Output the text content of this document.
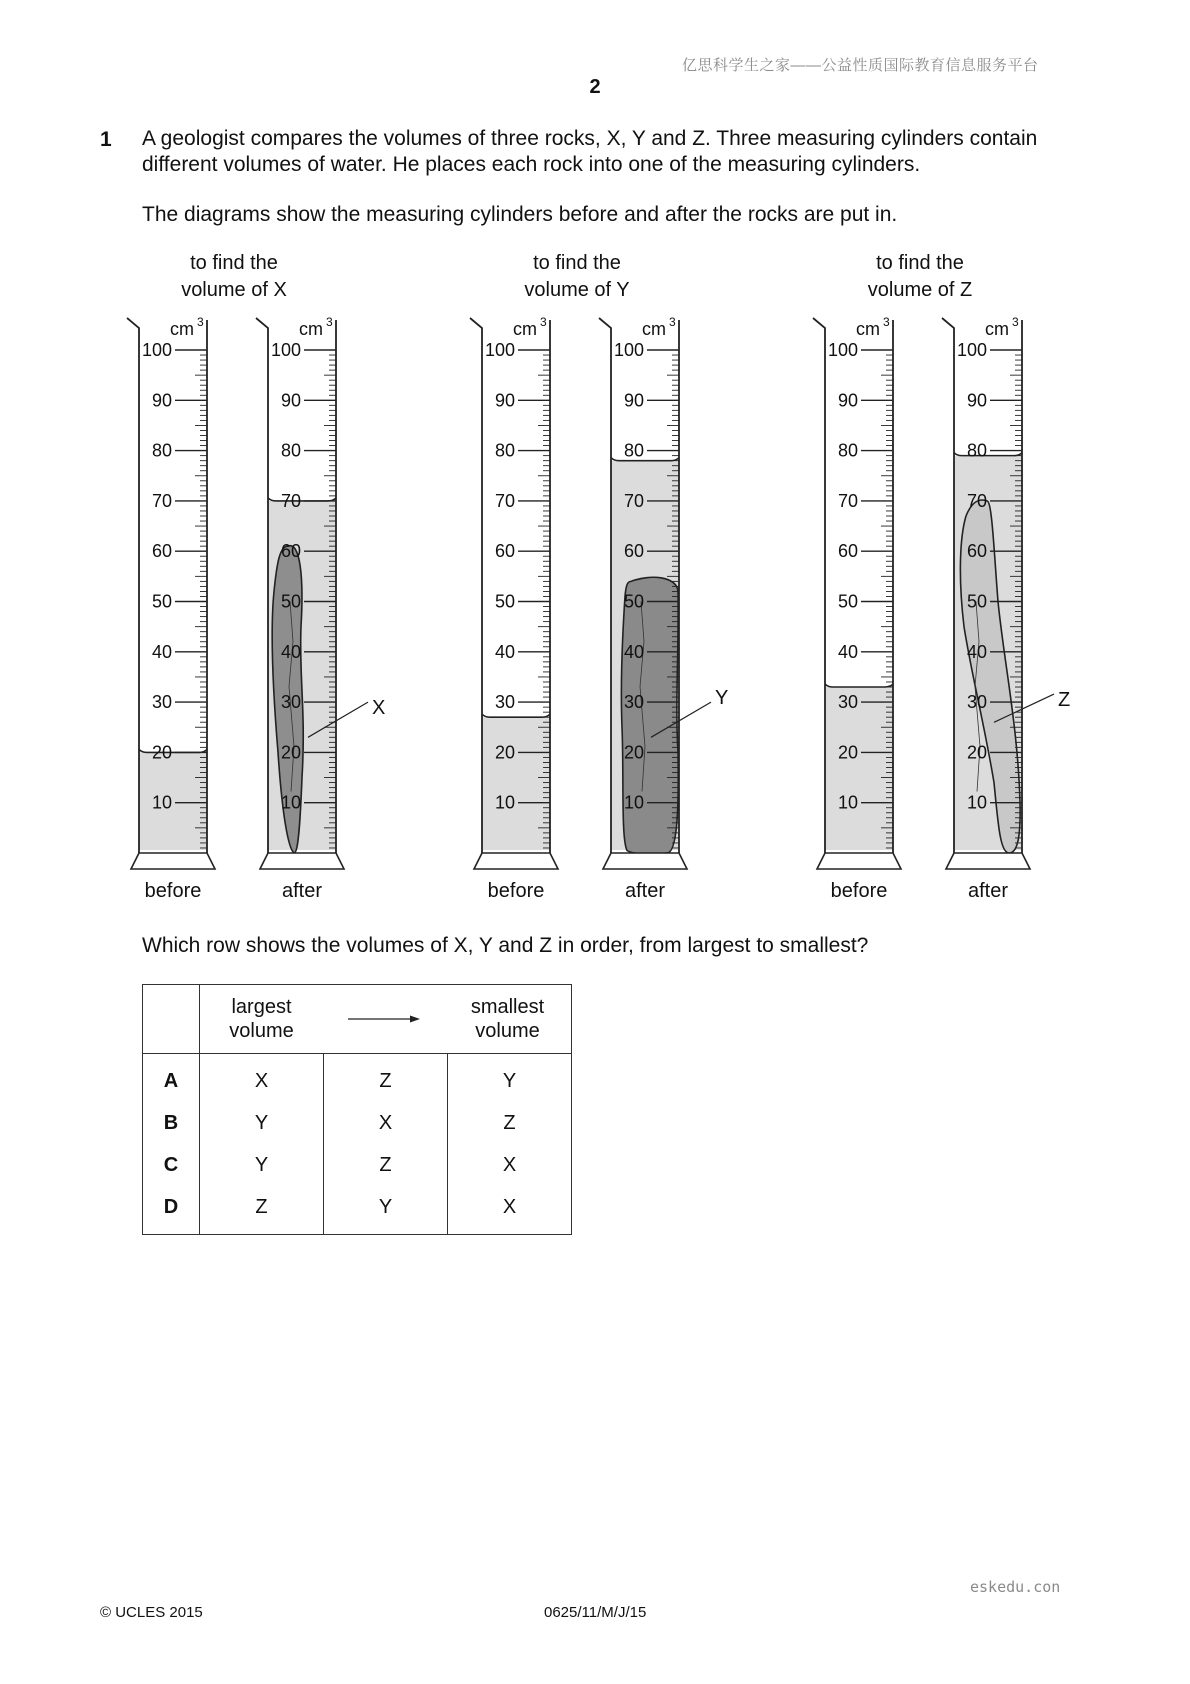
亿思科学生之家——公益性质国际教育信息服务平台
2
1 A geologist compares the volumes of three rocks, X, Y and Z. Three measuring cylinders contain
different volumes of water. He places each rock into one of the measuring cylinders.
The diagrams show the measuring cylinders before and after the rocks are put in.
to find the
volume of X
to find the
volume of Y
to find the
volume of Z
100
90
80
70
60
50
40
30
20
10
cm 3
100
90
80
70
60
50
40
30
20
10
cm 3
X
100
90
80
70
60
50
40
30
20
10
cm 3
100
90
80
70
60
50
40
30
20
10
cm 3
Y
100
90
80
70
60
50
40
30
20
10
cm 3
100
90
80
70
60
50
40
30
20
10
cm 3
Z
before	after	before	after	before	after
Which row shows the volumes of X, Y and Z in order, from largest to smallest?

	largest
volume
smallest
volume		

A	X	Z	Y
B	Y	X	Z
C	Y	Z	X
D	Z	Y	X
eskedu.con
© UCLES 2015	0625/11/M/J/15
